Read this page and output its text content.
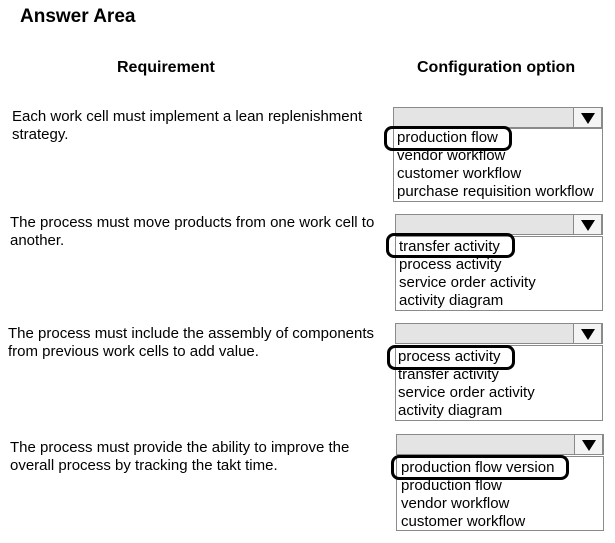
Answer Area
Requirement	Configuration option
Each work cell must implement a lean replenishment strategy.	production flow
vendor workflow
customer workflow
purchase requisition workflow
The process must move products from one work cell to another.	transfer activity
process activity
service order activity
activity diagram
The process must include the assembly of components from previous work cells to add value.	process activity
transfer activity
service order activity
activity diagram
The process must provide the ability to improve the overall process by tracking the takt time.	production flow version
production flow
vendor workflow
customer workflow
